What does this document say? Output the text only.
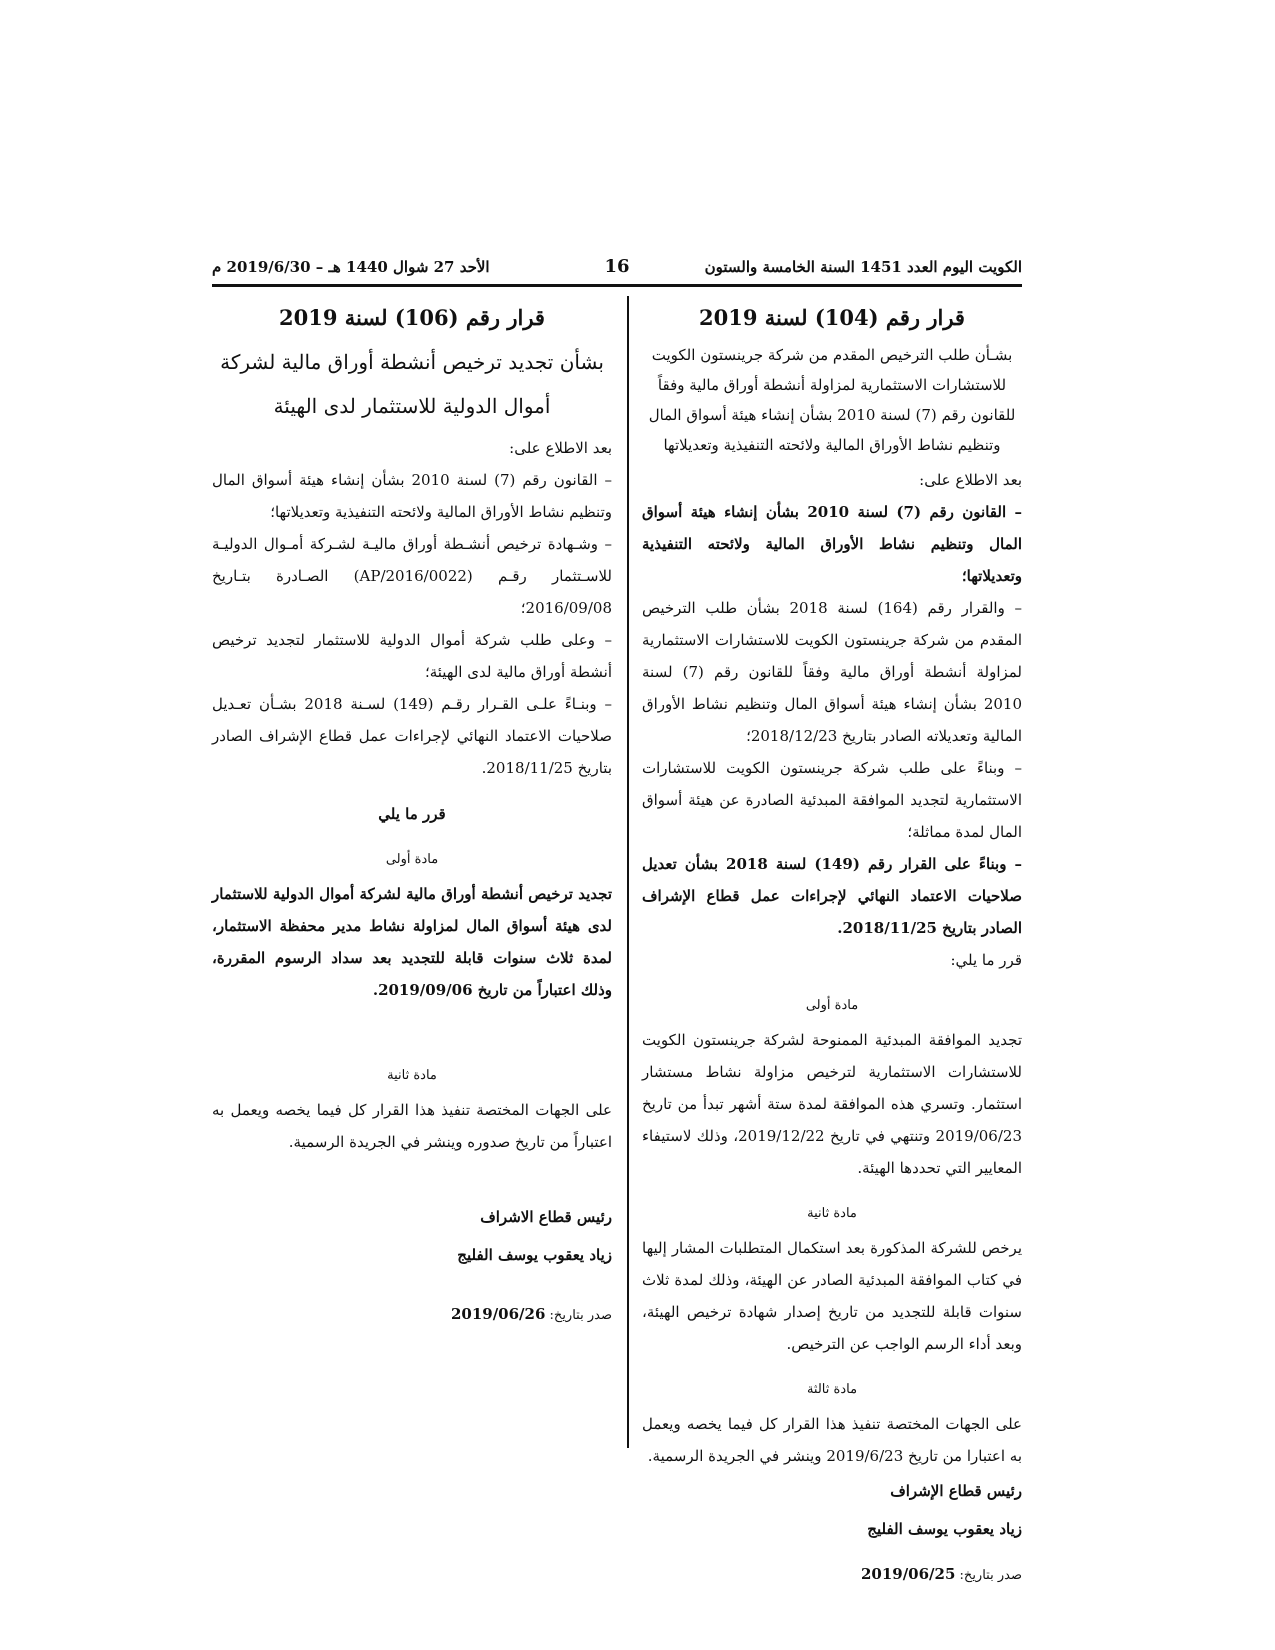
الكويت اليوم العدد 1451 السنة الخامسة والستون
16
الأحد 27 شوال 1440 هـ – 2019/6/30 م

قرار رقم (104) لسنة 2019

بشـأن طلب الترخيص المقدم من شركة جرينستون الكويت للاستشارات الاستثمارية لمزاولة أنشطة أوراق مالية وفقاً للقانون رقم (7) لسنة 2010 بشأن إنشاء هيئة أسواق المال وتنظيم نشاط الأوراق المالية ولائحته التنفيذية وتعديلاتها

بعد الاطلاع على:

– القانون رقم (7) لسنة 2010 بشأن إنشاء هيئة أسواق المال وتنظيم نشاط الأوراق المالية ولائحته التنفيذية وتعديلاتها؛

– والقرار رقم (164) لسنة 2018 بشأن طلب الترخيص المقدم من شركة جرينستون الكويت للاستشارات الاستثمارية لمزاولة أنشطة أوراق مالية وفقاً للقانون رقم (7) لسنة 2010 بشأن إنشاء هيئة أسواق المال وتنظيم نشاط الأوراق المالية وتعديلاته الصادر بتاريخ 2018/12/23؛

– وبناءً على طلب شركة جرينستون الكويت للاستشارات الاستثمارية لتجديد الموافقة المبدئية الصادرة عن هيئة أسواق المال لمدة مماثلة؛

– وبناءً على القرار رقم (149) لسنة 2018 بشأن تعديل صلاحيات الاعتماد النهائي لإجراءات عمل قطاع الإشراف الصادر بتاريخ 2018/11/25.

قرر ما يلي:

مادة أولى

تجديد الموافقة المبدئية الممنوحة لشركة جرينستون الكويت للاستشارات الاستثمارية لترخيص مزاولة نشاط مستشار استثمار. وتسري هذه الموافقة لمدة ستة أشهر تبدأ من تاريخ 2019/06/23 وتنتهي في تاريخ 2019/12/22، وذلك لاستيفاء المعايير التي تحددها الهيئة.

مادة ثانية

يرخص للشركة المذكورة بعد استكمال المتطلبات المشار إليها في كتاب الموافقة المبدئية الصادر عن الهيئة، وذلك لمدة ثلاث سنوات قابلة للتجديد من تاريخ إصدار شهادة ترخيص الهيئة، وبعد أداء الرسم الواجب عن الترخيص.

مادة ثالثة

على الجهات المختصة تنفيذ هذا القرار كل فيما يخصه ويعمل به اعتبارا من تاريخ 2019/6/23 وينشر في الجريدة الرسمية.

رئيس قطاع الإشراف

زياد يعقوب يوسف الفليج

صدر بتاريخ: 2019/06/25

قرار رقم (106) لسنة 2019

بشأن تجديد ترخيص أنشطة أوراق مالية لشركة أموال الدولية للاستثمار لدى الهيئة

بعد الاطلاع على:

– القانون رقم (7) لسنة 2010 بشأن إنشاء هيئة أسواق المال وتنظيم نشاط الأوراق المالية ولائحته التنفيذية وتعديلاتها؛

– وشـهادة ترخيص أنشـطة أوراق ماليـة لشـركة أمـوال الدوليـة للاسـتثمار رقـم (AP/2016/0022) الصـادرة بتـاريخ 2016/09/08؛

– وعلى طلب شركة أموال الدولية للاستثمار لتجديد ترخيص أنشطة أوراق مالية لدى الهيئة؛

– وبنـاءً علـى القـرار رقـم (149) لسـنة 2018 بشـأن تعـديل صلاحيات الاعتماد النهائي لإجراءات عمل قطاع الإشراف الصادر بتاريخ 2018/11/25.

قرر ما يلي

مادة أولى

تجديد ترخيص أنشطة أوراق مالية لشركة أموال الدولية للاستثمار لدى هيئة أسواق المال لمزاولة نشاط مدير محفظة الاستثمار، لمدة ثلاث سنوات قابلة للتجديد بعد سداد الرسوم المقررة، وذلك اعتباراً من تاريخ 2019/09/06.

مادة ثانية

على الجهات المختصة تنفيذ هذا القرار كل فيما يخصه ويعمل به اعتباراً من تاريخ صدوره وينشر في الجريدة الرسمية.

رئيس قطاع الاشراف

زياد يعقوب يوسف الفليج

صدر بتاريخ: 2019/06/26
